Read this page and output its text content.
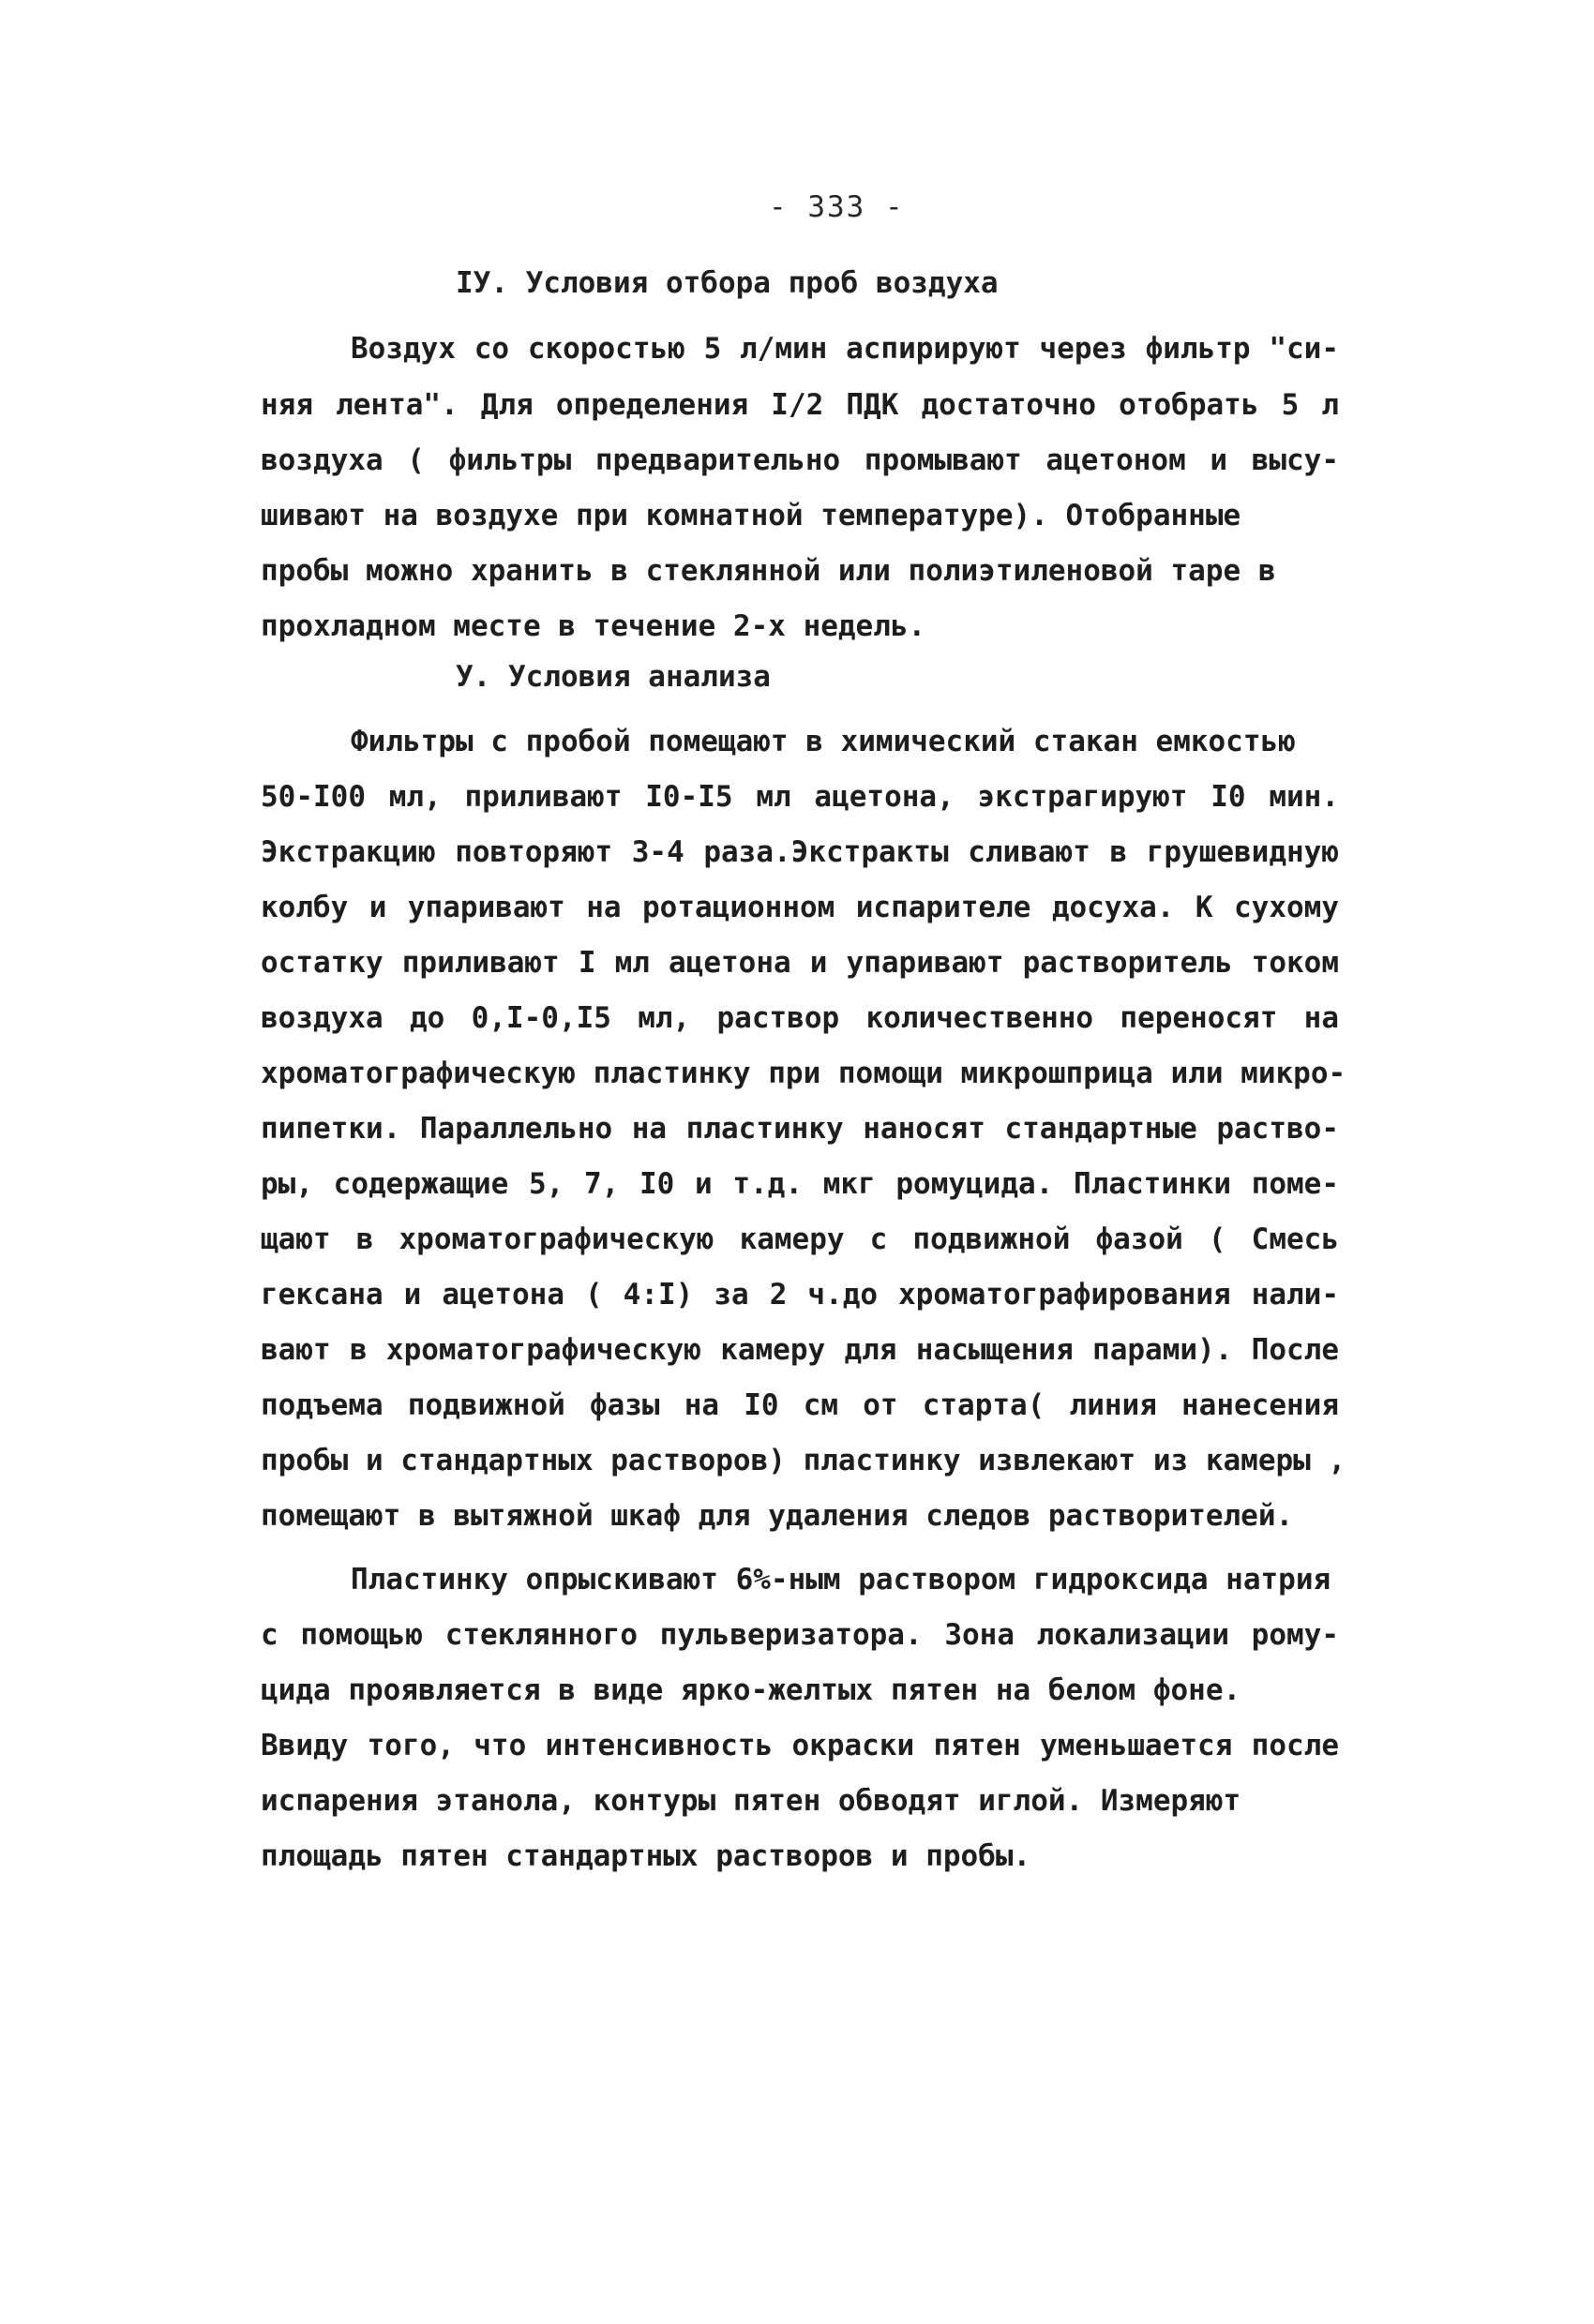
- 333 -
IУ. Условия отбора проб воздуха
Воздух со скоростью 5 л/мин аспирируют через фильтр "си-
няя лента". Для определения I/2 ПДК достаточно отобрать 5 л
воздуха ( фильтры предварительно промывают ацетоном и высу-
шивают на воздухе при комнатной температуре). Отобранные
пробы можно хранить в стеклянной или полиэтиленовой таре в
прохладном месте в течение 2-х недель.
У. Условия анализа
Фильтры с пробой помещают в химический стакан емкостью
50-I00 мл, приливают I0-I5 мл ацетона, экстрагируют I0 мин.
Экстракцию повторяют 3-4 раза.Экстракты сливают в грушевидную
колбу и упаривают на ротационном испарителе досуха. К сухому
остатку приливают I мл ацетона и упаривают растворитель током
воздуха до 0,I-0,I5 мл, раствор количественно переносят на
хроматографическую пластинку при помощи микрошприца или микро-
пипетки. Параллельно на пластинку наносят стандартные раство-
ры, содержащие 5, 7, I0 и т.д. мкг ромуцида. Пластинки поме-
щают в хроматографическую камеру с подвижной фазой ( Смесь
гексана и ацетона ( 4:I) за 2 ч.до хроматографирования нали-
вают в хроматографическую камеру для насыщения парами). После
подъема подвижной фазы на I0 см от старта( линия нанесения
пробы и стандартных растворов) пластинку извлекают из камеры ,
помещают в вытяжной шкаф для удаления следов растворителей.
Пластинку опрыскивают 6%-ным раствором гидроксида натрия
с помощью стеклянного пульверизатора. Зона локализации рому-
цида проявляется в виде ярко-желтых пятен на белом фоне.
Ввиду того, что интенсивность окраски пятен уменьшается после
испарения этанола, контуры пятен обводят иглой. Измеряют
площадь пятен стандартных растворов и пробы.
